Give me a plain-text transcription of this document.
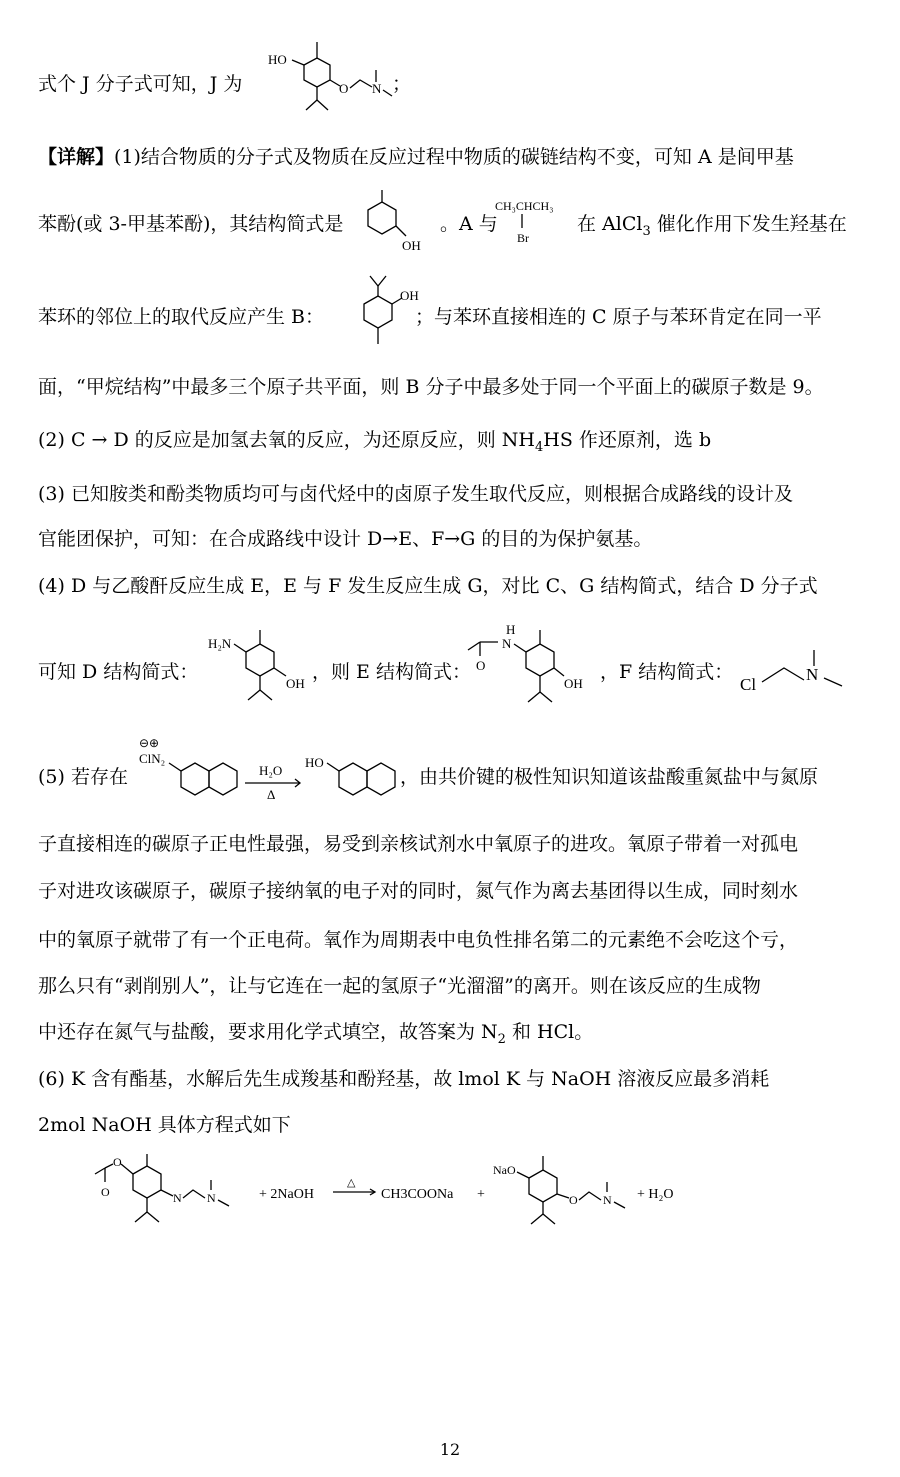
式个 J 分子式可知，J 为
HO
O N ；
【详解】(1)结合物质的分子式及物质在反应过程中物质的碳链结构不变，可知 A 是间甲基
苯酚(或 3-甲基苯酚)，其结构简式是
OH
。A 与
CH₃CHCH₃
Br
在 AlCl$_3$ 催化作用下发生羟基在
苯环的邻位上的取代反应产生 B：
OH
；与苯环直接相连的 C 原子与苯环肯定在同一平
面，“甲烷结构”中最多三个原子共平面，则 B 分子中最多处于同一个平面上的碳原子数是 9。
(2) C → D 的反应是加氢去氧的反应，为还原反应，则 $NH_4HS$ 作还原剂，选 b
(3) 已知胺类和酚类物质均可与卤代烃中的卤原子发生取代反应，则根据合成路线的设计及
官能团保护，可知：在合成路线中设计 D→E、F→G 的目的为保护氨基。
(4) D 与乙酸酐反应生成 E，E 与 F 发生反应生成 G，对比 C、G 结构简式，结合 D 分子式
可知 D 结构简式：
H₂N
OH
，则 E 结构简式： O
H
N
OH
，F 结构简式：
Cl
N
(5) 若存在
⊖⊕
ClN₂
H₂O
Δ
HO
，由共价键的极性知识知道该盐酸重氮盐中与氮原
子直接相连的碳原子正电性最强，易受到亲核试剂水中氧原子的进攻。氧原子带着一对孤电
子对进攻该碳原子，碳原子接纳氧的电子对的同时，氮气作为离去基团得以生成，同时刻水
中的氧原子就带了有一个正电荷。氧作为周期表中电负性排名第二的元素绝不会吃这个亏，
那么只有“剥削别人”，让与它连在一起的氢原子“光溜溜”的离开。则在该反应的生成物
中还存在氮气与盐酸，要求用化学式填空，故答案为 $N_2$ 和 HCl。
(6) K 含有酯基，水解后先生成羧基和酚羟基，故 lmol K 与 NaOH 溶液反应最多消耗
2mol NaOH 具体方程式如下
O
O
N N	+ 2NaOH
△
CH3COONa +
NaO
O N + H₂O
12
